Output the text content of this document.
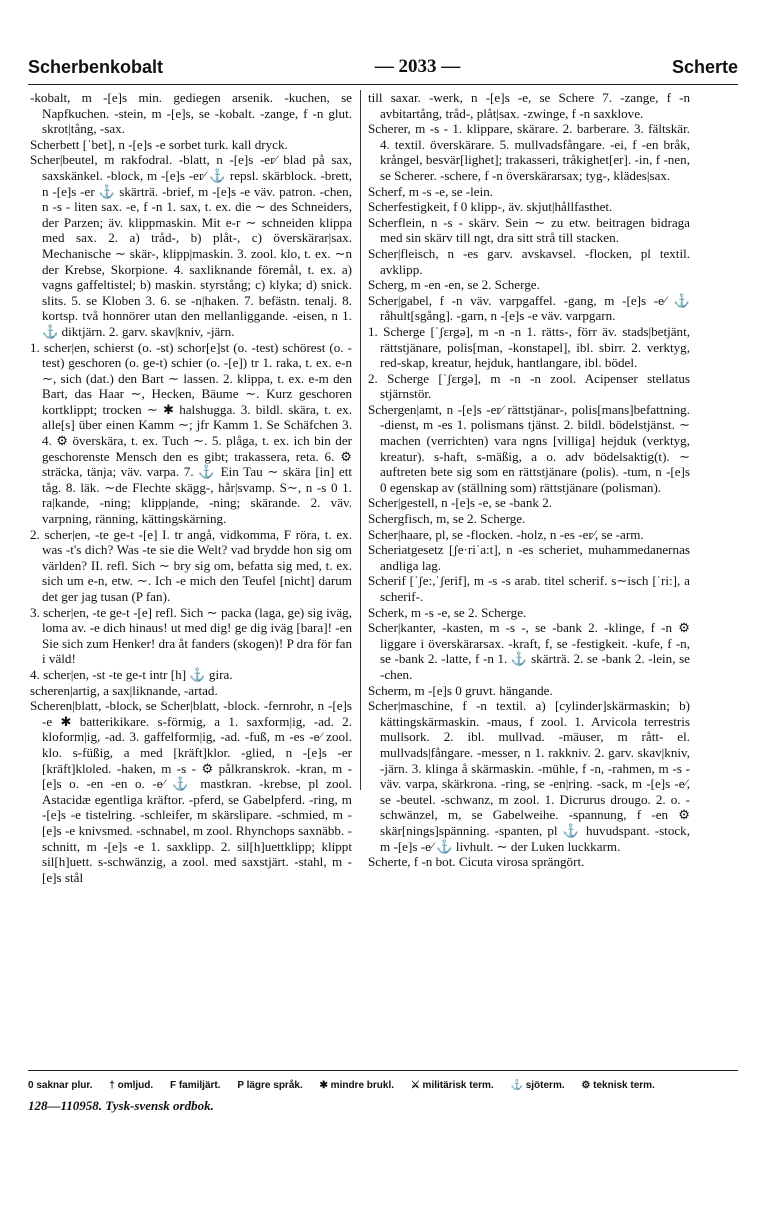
Scherbenkobalt	— 2033 —	Scherte

-kobalt, m -[e]s min. gediegen arsenik. -kuchen, se Napfkuchen. -stein, m -[e]s, se -kobalt. -zange, f -n glut. skrot|tång, -sax.

Scherbett [ˈbet], n -[e]s -e sorbet turk. kall dryck.

Scher|beutel, m rakfodral. -blatt, n -[e]s -er⁄ blad på sax, saxskänkel. -block, m -[e]s -er⁄ ⚓ repsl. skärblock. -brett, n -[e]s -er ⚓ skärträ. -brief, m -[e]s -e väv. patron. -chen, n -s - liten sax. -e, f -n 1. sax, t. ex. die ∼ des Schneiders, der Parzen; äv. klippmaskin. Mit e-r ∼ schneiden klippa med sax. 2. a) tråd-, b) plåt-, c) överskärar|sax. Mechanische ∼ skär-, klipp|maskin. 3. zool. klo, t. ex. ∼n der Krebse, Skorpione. 4. saxliknande föremål, t. ex. a) vagns gaffeltistel; b) maskin. styrstång; c) klyka; d) snick. slits. 5. se Kloben 3. 6. se -n|haken. 7. befästn. tenalj. 8. kortsp. två honnörer utan den mellanliggande. -eisen, n 1. ⚓ diktjärn. 2. garv. skav|kniv, -järn.

1. scher|en, schierst (o. -st) schor[e]st (o. -test) schörest (o. -test) geschoren (o. ge-t) schier (o. -[e]) tr 1. raka, t. ex. e-n ∼, sich (dat.) den Bart ∼ lassen. 2. klippa, t. ex. e-m den Bart, das Haar ∼, Hecken, Bäume ∼. Kurz geschoren kortklippt; trocken ∼ ✱ halshugga. 3. bildl. skära, t. ex. alle[s] über einen Kamm ∼; jfr Kamm 1. Se Schäfchen 3. 4. ⚙ överskära, t. ex. Tuch ∼. 5. plåga, t. ex. ich bin der geschorenste Mensch den es gibt; trakassera, reta. 6. ⚙ sträcka, tänja; väv. varpa. 7. ⚓ Ein Tau ∼ skära [in] ett tåg. 8. läk. ∼de Flechte skägg-, hår|svamp. S∼, n -s 0 1. ra|kande, -ning; klipp|ande, -ning; skärande. 2. väv. varpning, ränning, kättingskärning.

2. scher|en, -te ge-t -[e] I. tr angå, vidkomma, F röra, t. ex. was -t's dich? Was -te sie die Welt? vad brydde hon sig om världen? II. refl. Sich ∼ bry sig om, befatta sig med, t. ex. sich um e-n, etw. ∼. Ich -e mich den Teufel [nicht] darum det ger jag tusan (P fan).

3. scher|en, -te ge-t -[e] refl. Sich ∼ packa (laga, ge) sig iväg, loma av. -e dich hinaus! ut med dig! ge dig iväg [bara]! -en Sie sich zum Henker! dra åt fanders (skogen)! P dra för fan i väld!

4. scher|en, -st -te ge-t intr [h] ⚓ gira.

scheren|artig, a sax|liknande, -artad.

Scheren|blatt, -block, se Scher|blatt, -block. -fernrohr, n -[e]s -e ✱ batterikikare. s-förmig, a 1. saxform|ig, -ad. 2. kloform|ig, -ad. 3. gaffelform|ig, -ad. -fuß, m -es -e⁄ zool. klo. s-füßig, a med [kräft]klor. -glied, n -[e]s -er [kräft]kloled. -haken, m -s - ⚙ pålkranskrok. -kran, m -[e]s o. -en -en o. -e⁄ ⚓ mastkran. -krebse, pl zool. Astacidæ egentliga kräftor. -pferd, se Gabelpferd. -ring, m -[e]s -e tistelring. -schleifer, m skärslipare. -schmied, m -[e]s -e knivsmed. -schnabel, m zool. Rhynchops saxnäbb. -schnitt, m -[e]s -e 1. saxklipp. 2. sil[h]uettklipp; klippt sil[h]uett. s-schwänzig, a zool. med saxstjärt. -stahl, m -[e]s stål

till saxar. -werk, n -[e]s -e, se Schere 7. -zange, f -n avbitartång, tråd-, plåt|sax. -zwinge, f -n saxklove.

Scherer, m -s - 1. klippare, skärare. 2. barberare. 3. fältskär. 4. textil. överskärare. 5. mullvadsfångare. -ei, f -en bråk, krångel, besvär[lighet]; trakasseri, tråkighet[er]. -in, f -nen, se Scherer. -schere, f -n överskärarsax; tyg-, klädes|sax.

Scherf, m -s -e, se -lein.

Scherfestigkeit, f 0 klipp-, äv. skjut|hållfasthet.

Scherflein, n -s - skärv. Sein ∼ zu etw. beitragen bidraga med sin skärv till ngt, dra sitt strå till stacken.

Scher|fleisch, n -es garv. avskavsel. -flocken, pl textil. avklipp.

Scherg, m -en -en, se 2. Scherge.

Scher|gabel, f -n väv. varpgaffel. -gang, m -[e]s -e⁄ ⚓ råhult[sgång]. -garn, n -[e]s -e väv. varpgarn.

1. Scherge [ˈʃɛrgə], m -n -n 1. rätts-, förr äv. stads|betjänt, rättstjänare, polis[man, -konstapel], ibl. sbirr. 2. verktyg, red-skap, kreatur, hejduk, hantlangare, ibl. bödel.

2. Scherge [ˈʃɛrgə], m -n -n zool. Acipenser stellatus stjärnstör.

Schergen|amt, n -[e]s -er⁄ rättstjänar-, polis[mans]befattning. -dienst, m -es 1. polismans tjänst. 2. bildl. bödelstjänst. ∼ machen (verrichten) vara ngns [villiga] hejduk (verktyg, kreatur). s-haft, s-mäßig, a o. adv bödelsaktig(t). ∼ auftreten bete sig som en rättstjänare (polis). -tum, n -[e]s 0 egenskap av (ställning som) rättstjänare (polisman).

Scher|gestell, n -[e]s -e, se -bank 2.

Schergfisch, m, se 2. Scherge.

Scher|haare, pl, se -flocken. -holz, n -es -er⁄, se -arm.

Scheriatgesetz [ʃe·riˈa:t], n -es scheriet, muhammedanernas andliga lag.

Scherif [ˈʃe:,ˈʃerif], m -s -s arab. titel scherif. s∼isch [ˈri:], a scherif-.

Scherk, m -s -e, se 2. Scherge.

Scher|kanter, -kasten, m -s -, se -bank 2. -klinge, f -n ⚙ liggare i överskärarsax. -kraft, f, se -festigkeit. -kufe, f -n, se -bank 2. -latte, f -n 1. ⚓ skärträ. 2. se -bank 2. -lein, se -chen.

Scherm, m -[e]s 0 gruvt. hängande.

Scher|maschine, f -n textil. a) [cylinder]skärmaskin; b) kättingskärmaskin. -maus, f zool. 1. Arvicola terrestris mullsork. 2. ibl. mullvad. -mäuser, m rått- el. mullvads|fångare. -messer, n 1. rakkniv. 2. garv. skav|kniv, -järn. 3. klinga å skärmaskin. -mühle, f -n, -rahmen, m -s - väv. varpa, skärkrona. -ring, se -en|ring. -sack, m -[e]s -e⁄, se -beutel. -schwanz, m zool. 1. Dicrurus drougo. 2. o. -schwänzel, m, se Gabelweihe. -spannung, f -en ⚙ skär[nings]spänning. -spanten, pl ⚓ huvudspant. -stock, m -[e]s -e⁄ ⚓ livhult. ∼ der Luken luckkarm.

Scherte, f -n bot. Cicuta virosa sprängört.

0 saknar plur. † omljud. F familjärt. P lägre språk. ✱ mindre brukl. ⚔ militärisk term. ⚓ sjöterm. ⚙ teknisk term.
128—110958. Tysk-svensk ordbok.
